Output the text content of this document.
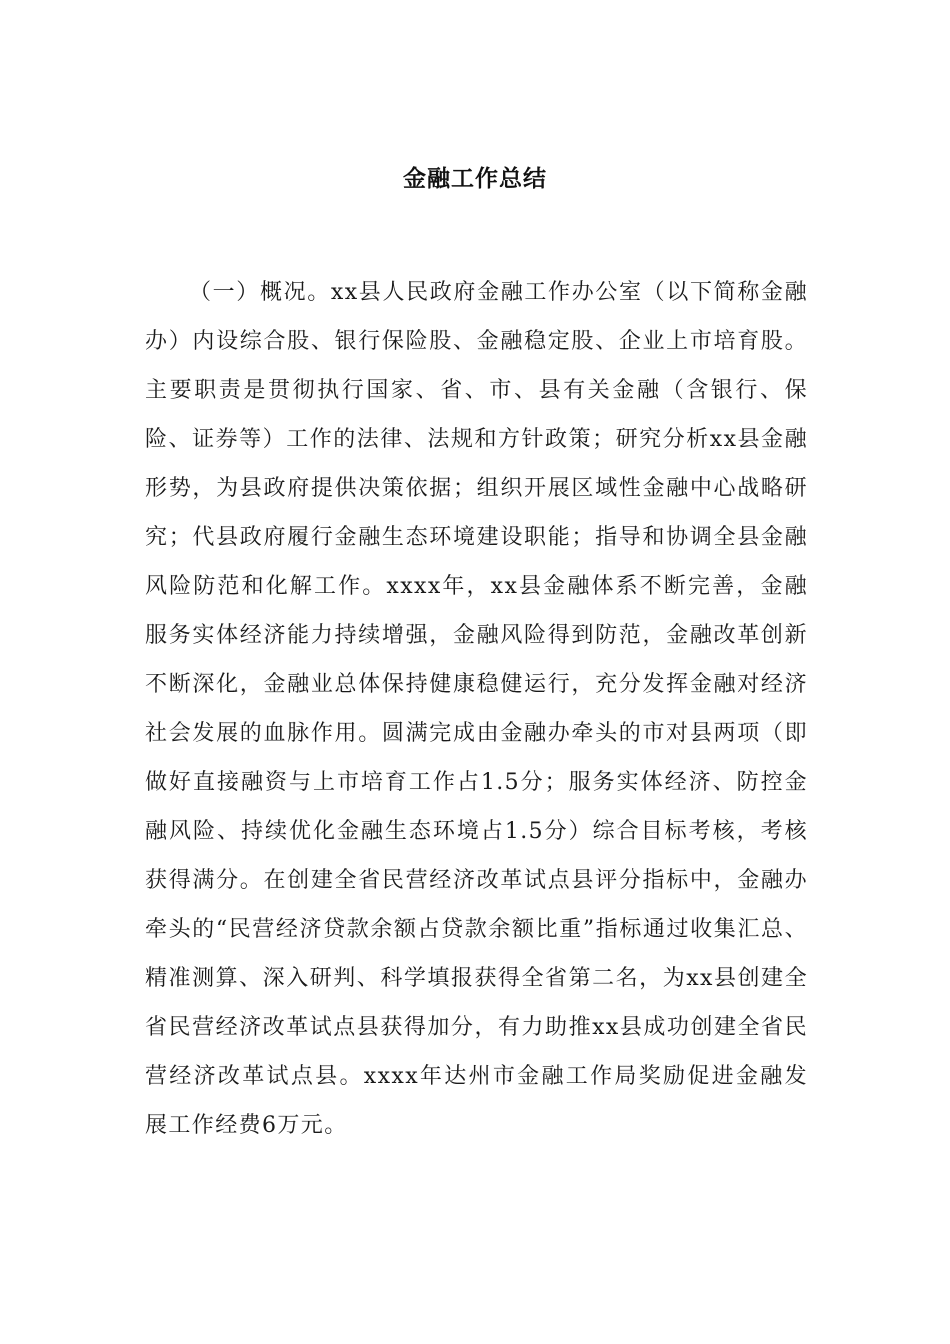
金融工作总结

（一）概况。xx县人民政府金融工作办公室（以下简称金融办）内设综合股、银行保险股、金融稳定股、企业上市培育股。主要职责是贯彻执行国家、省、市、县有关金融（含银行、保险、证券等）工作的法律、法规和方针政策；研究分析xx县金融形势，为县政府提供决策依据；组织开展区域性金融中心战略研究；代县政府履行金融生态环境建设职能；指导和协调全县金融风险防范和化解工作。xxxx年，xx县金融体系不断完善，金融服务实体经济能力持续增强，金融风险得到防范，金融改革创新不断深化，金融业总体保持健康稳健运行，充分发挥金融对经济社会发展的血脉作用。圆满完成由金融办牵头的市对县两项（即做好直接融资与上市培育工作占1.5分；服务实体经济、防控金融风险、持续优化金融生态环境占1.5分）综合目标考核，考核获得满分。在创建全省民营经济改革试点县评分指标中，金融办牵头的“民营经济贷款余额占贷款余额比重”指标通过收集汇总、精准测算、深入研判、科学填报获得全省第二名，为xx县创建全省民营经济改革试点县获得加分，有力助推xx县成功创建全省民营经济改革试点县。xxxx年达州市金融工作局奖励促进金融发展工作经费6万元。
